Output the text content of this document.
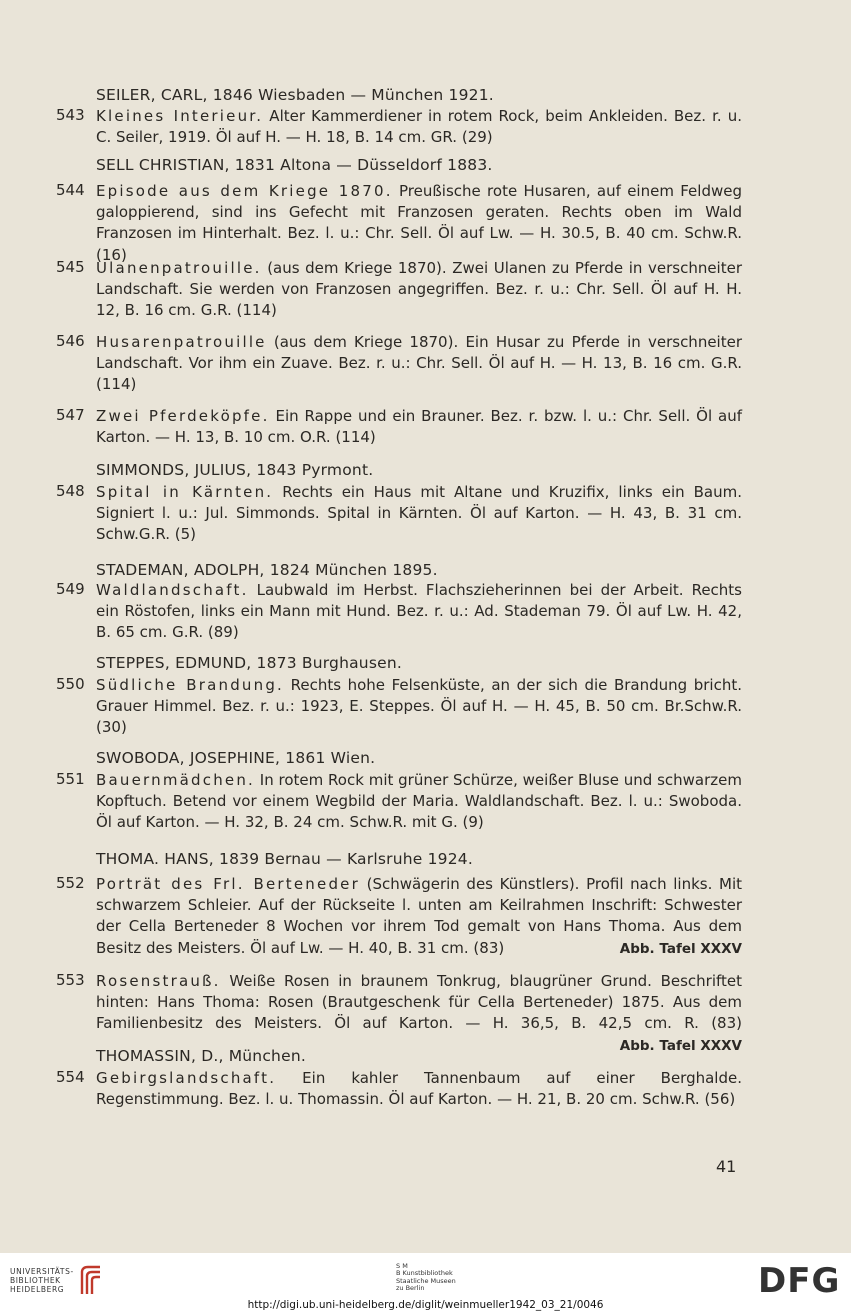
SEILER, CARL, 1846 Wiesbaden — München 1921.
543 Kleines Interieur. Alter Kammerdiener in rotem Rock, beim Ankleiden. Bez. r. u. C. Seiler, 1919. Öl auf H. — H. 18, B. 14 cm. GR. (29)
SELL CHRISTIAN, 1831 Altona — Düsseldorf 1883.
544 Episode aus dem Kriege 1870. Preußische rote Husaren, auf einem Feldweg galoppierend, sind ins Gefecht mit Franzosen geraten. Rechts oben im Wald Franzosen im Hinterhalt. Bez. l. u.: Chr. Sell. Öl auf Lw. — H. 30.5, B. 40 cm. Schw.R. (16)
545 Ulanenpatrouille. (aus dem Kriege 1870). Zwei Ulanen zu Pferde in verschneiter Landschaft. Sie werden von Franzosen angegriffen. Bez. r. u.: Chr. Sell. Öl auf H. H. 12, B. 16 cm. G.R. (114)
546 Husarenpatrouille (aus dem Kriege 1870). Ein Husar zu Pferde in verschneiter Landschaft. Vor ihm ein Zuave. Bez. r. u.: Chr. Sell. Öl auf H. — H. 13, B. 16 cm. G.R. (114)
547 Zwei Pferdeköpfe. Ein Rappe und ein Brauner. Bez. r. bzw. l. u.: Chr. Sell. Öl auf Karton. — H. 13, B. 10 cm. O.R. (114)
SIMMONDS, JULIUS, 1843 Pyrmont.
548 Spital in Kärnten. Rechts ein Haus mit Altane und Kruzifix, links ein Baum. Signiert l. u.: Jul. Simmonds. Spital in Kärnten. Öl auf Karton. — H. 43, B. 31 cm. Schw.G.R. (5)
STADEMAN, ADOLPH, 1824 München 1895.
549 Waldlandschaft. Laubwald im Herbst. Flachszieherinnen bei der Arbeit. Rechts ein Röstofen, links ein Mann mit Hund. Bez. r. u.: Ad. Stademan 79. Öl auf Lw. H. 42, B. 65 cm. G.R. (89)
STEPPES, EDMUND, 1873 Burghausen.
550 Südliche Brandung. Rechts hohe Felsenküste, an der sich die Brandung bricht. Grauer Himmel. Bez. r. u.: 1923, E. Steppes. Öl auf H. — H. 45, B. 50 cm. Br.Schw.R. (30)
SWOBODA, JOSEPHINE, 1861 Wien.
551 Bauernmädchen. In rotem Rock mit grüner Schürze, weißer Bluse und schwarzem Kopftuch. Betend vor einem Wegbild der Maria. Waldlandschaft. Bez. l. u.: Swoboda. Öl auf Karton. — H. 32, B. 24 cm. Schw.R. mit G. (9)
THOMA. HANS, 1839 Bernau — Karlsruhe 1924.
552
Abb. Tafel XXXV
Porträt des Frl. Berteneder (Schwägerin des Künstlers). Profil nach links. Mit schwarzem Schleier. Auf der Rückseite l. unten am Keilrahmen Inschrift: Schwester der Cella Berteneder 8 Wochen vor ihrem Tod gemalt von Hans Thoma. Aus dem Besitz des Meisters. Öl auf Lw. — H. 40, B. 31 cm. (83)
553
Abb. Tafel XXXV
Rosenstrauß. Weiße Rosen in braunem Tonkrug, blaugrüner Grund. Beschriftet hinten: Hans Thoma: Rosen (Brautgeschenk für Cella Berteneder) 1875. Aus dem Familienbesitz des Meisters. Öl auf Karton. — H. 36,5, B. 42,5 cm. R. (83)
THOMASSIN, D., München.
554 Gebirgslandschaft. Ein kahler Tannenbaum auf einer Berghalde. Regenstimmung. Bez. l. u. Thomassin. Öl auf Karton. — H. 21, B. 20 cm. Schw.R. (56)
41
UNIVERSITÄTS-
BIBLIOTHEK
HEIDELBERG
S M
B Kunstbibliothek
Staatliche Museen
zu Berlin	DFG
http://digi.ub.uni-heidelberg.de/diglit/weinmueller1942_03_21/0046
